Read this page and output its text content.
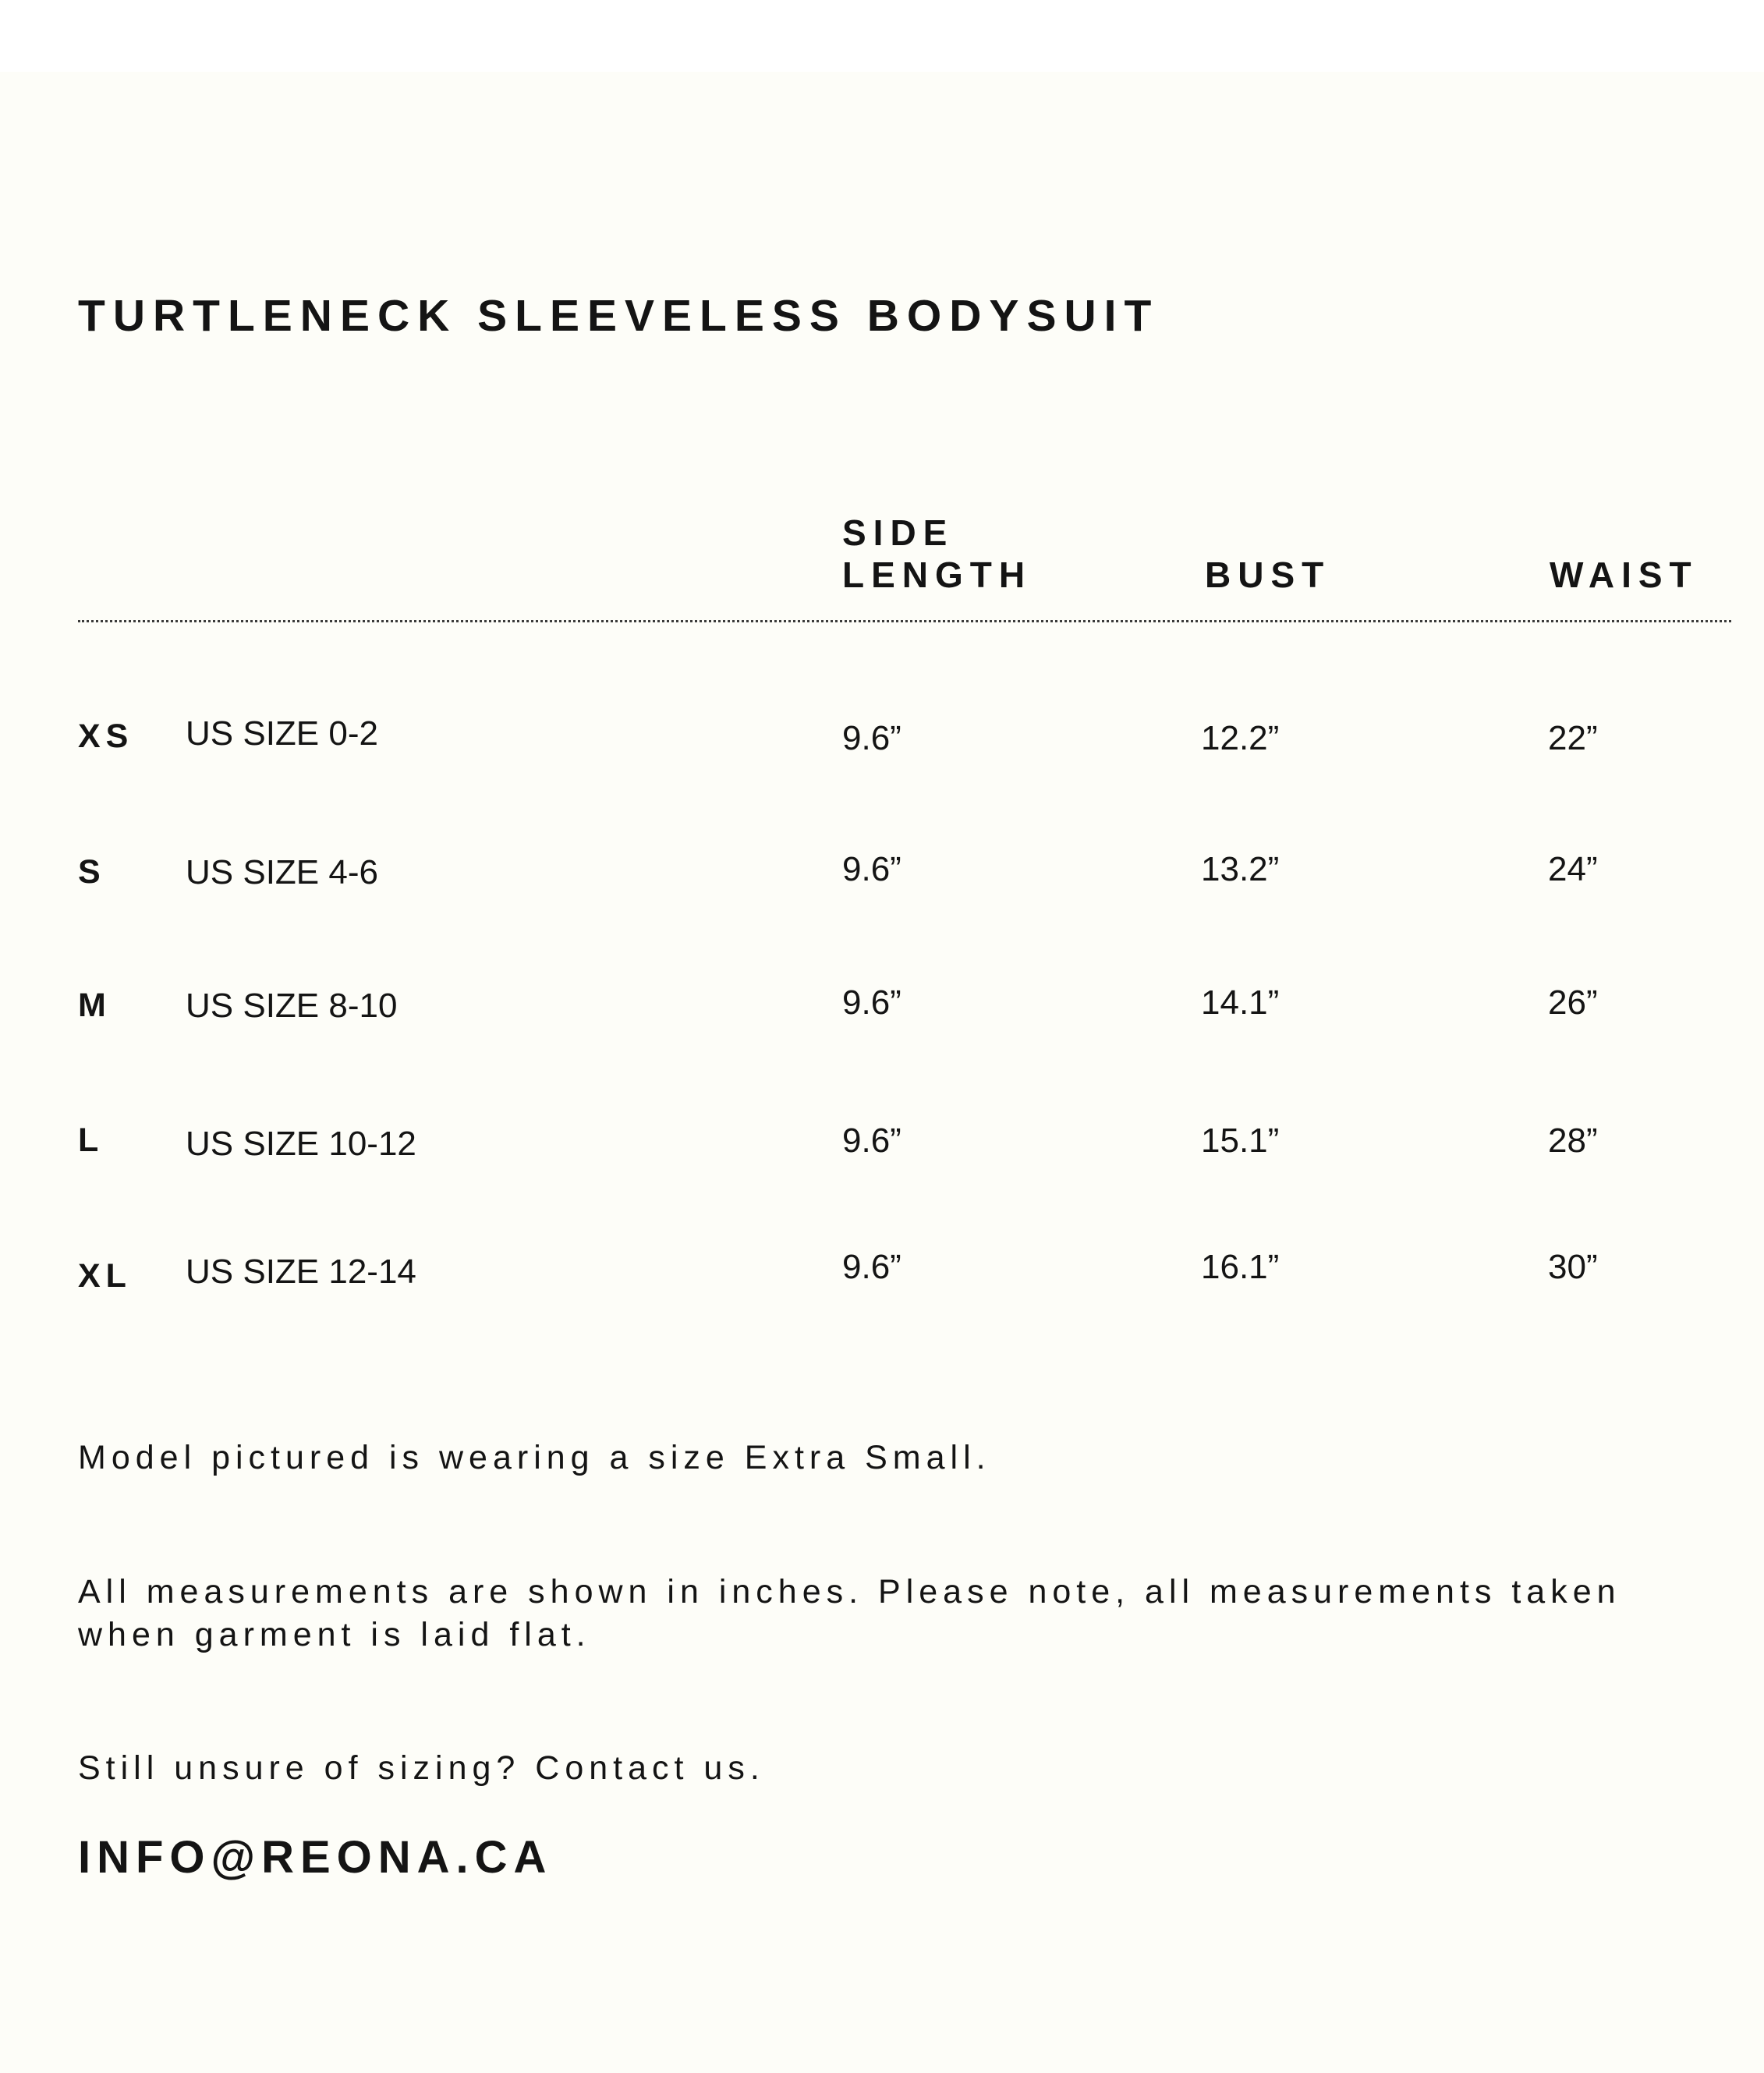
TURTLENECK SLEEVELESS BODYSUIT
SIDE
LENGTH	BUST	WAIST
XS US SIZE 0-2	9.6”	12.2”	22”
S US SIZE 4-6	9.6”	13.2”	24”
M US SIZE 8-10	9.6”	14.1”	26”
L US SIZE 10-12	9.6”	15.1”	28”
XL US SIZE 12-14	9.6”	16.1”	30”
Model pictured is wearing a size Extra Small.
All measurements are shown in inches. Please note, all measurements taken
when garment is laid flat.
Still unsure of sizing? Contact us.
INFO@REONA.CA
